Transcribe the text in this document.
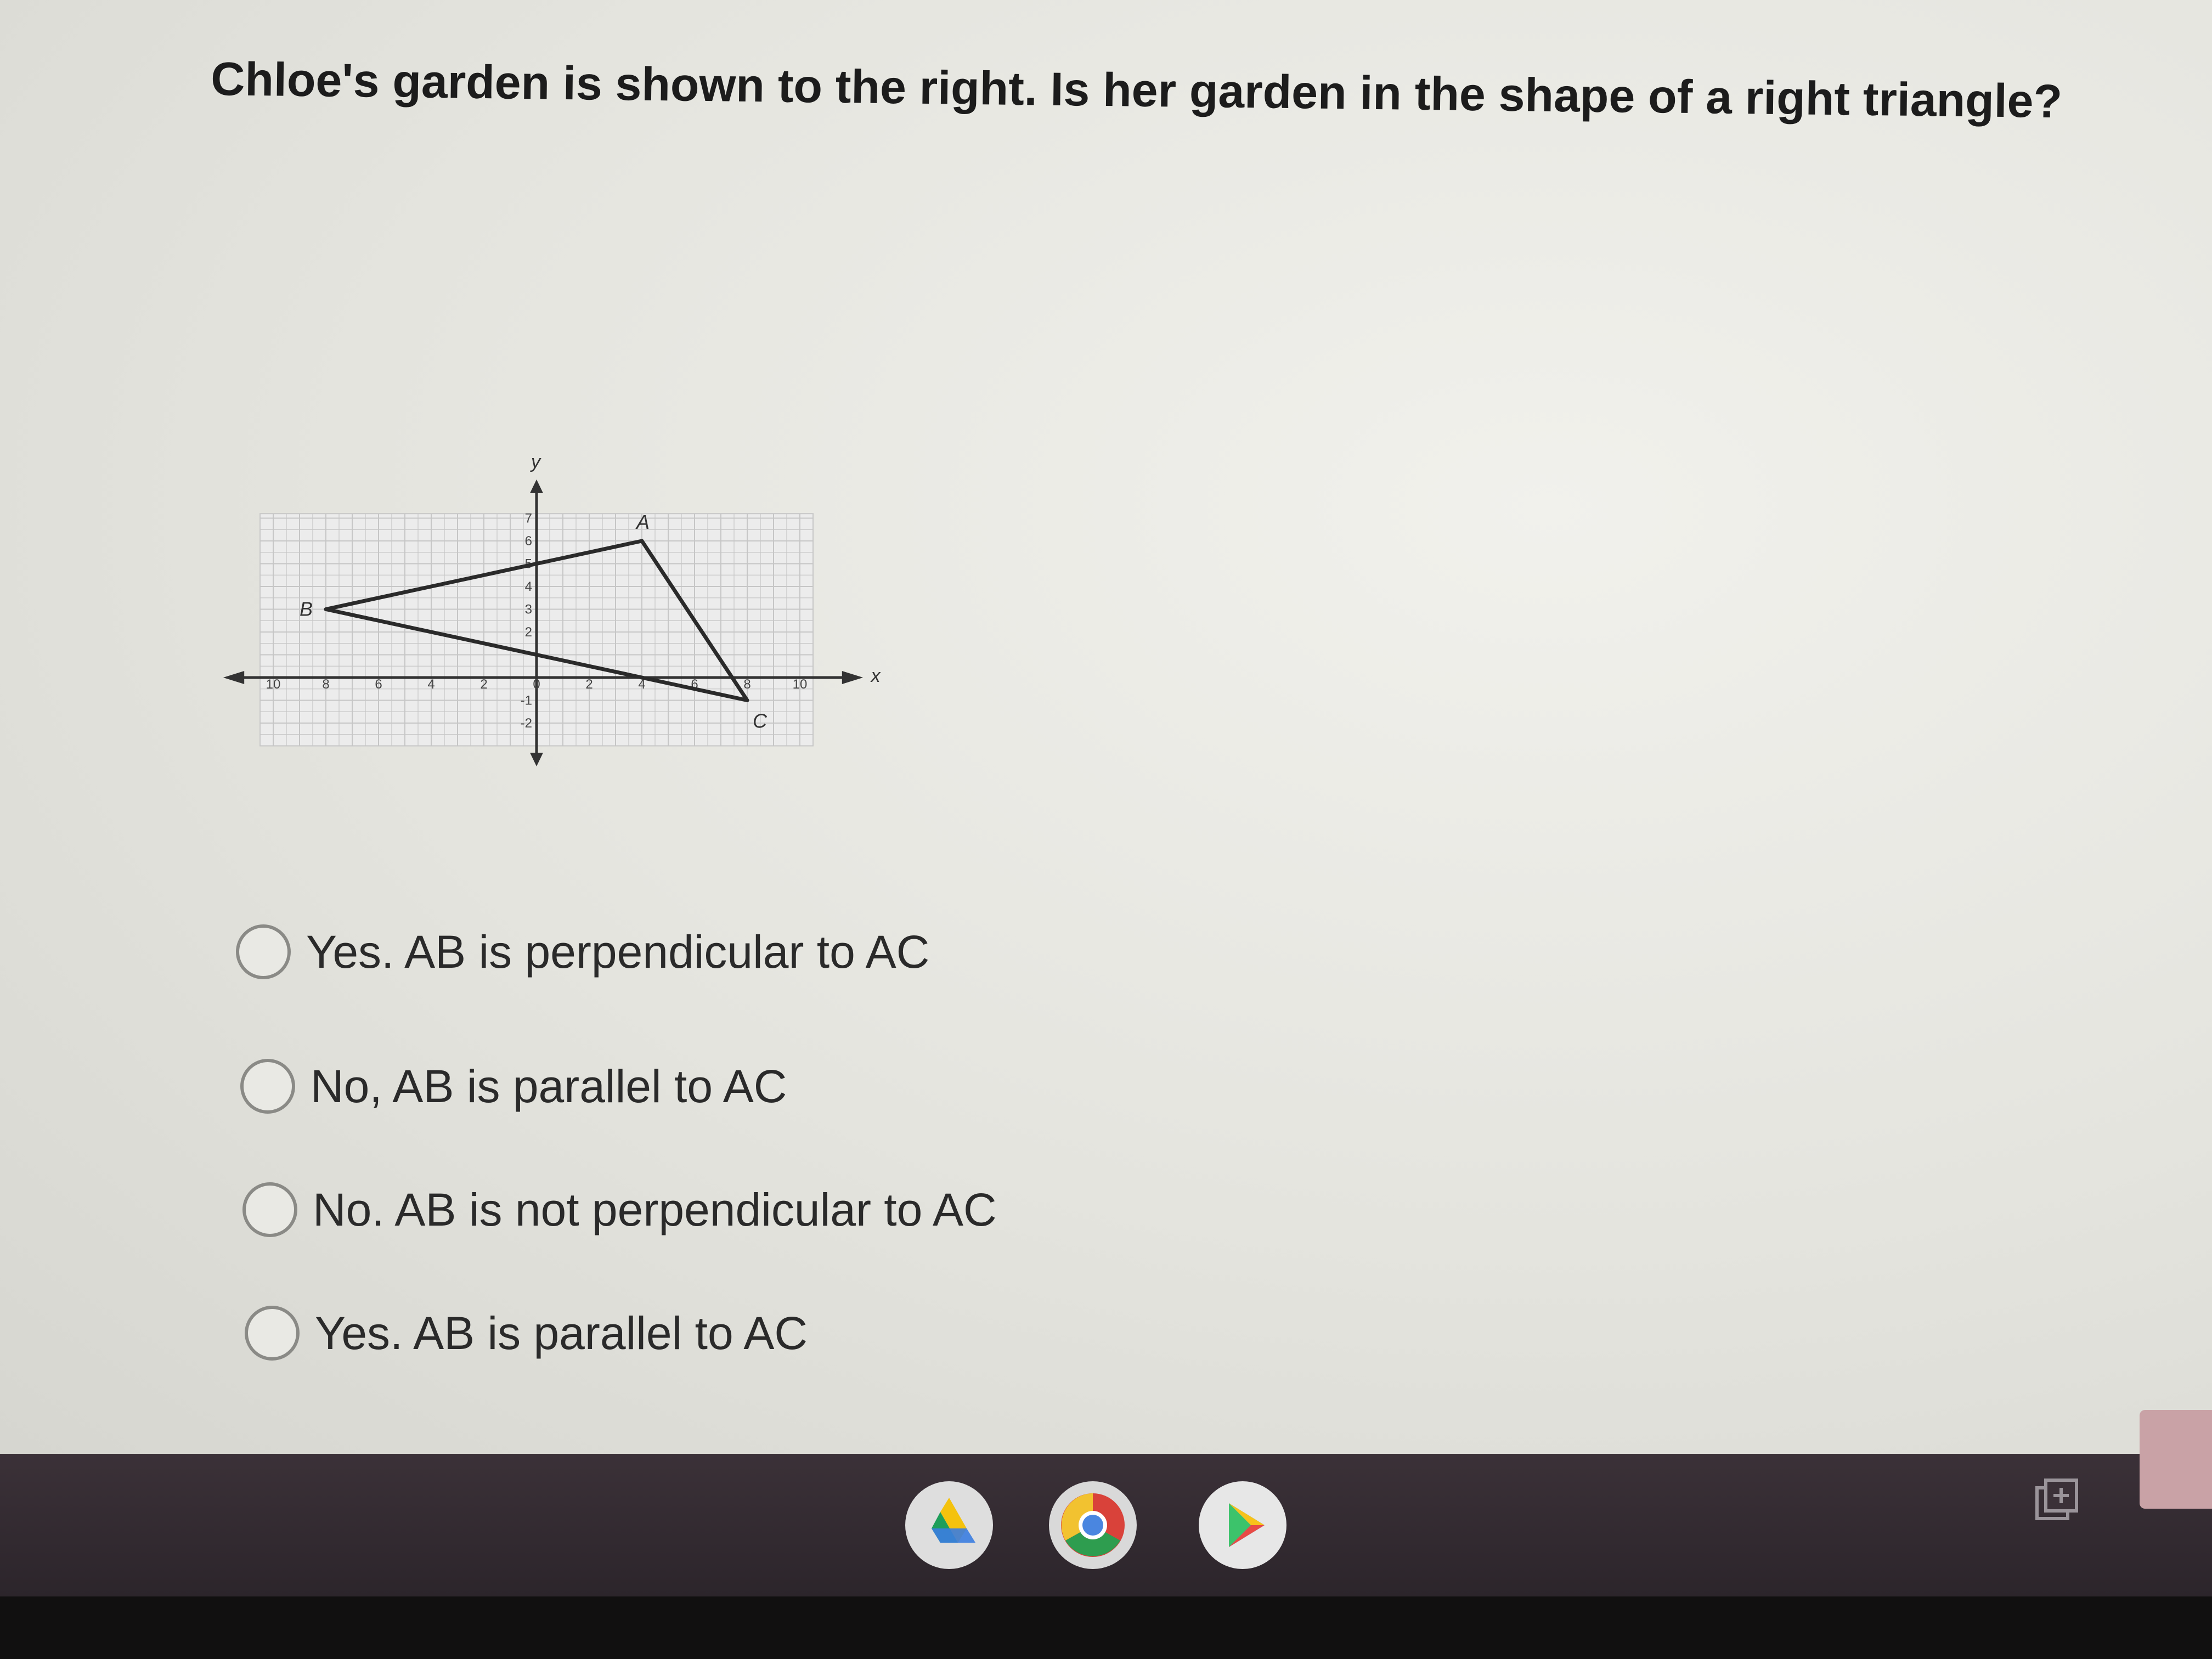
Chloe's garden is shown to the right. Is her garden in the shape of a right triangle?
x
y
10	8	6	4	2	0	2	4	6	8	10
7
6
5
4
3
2
-1
-2
A
B
C
Yes. AB is perpendicular to AC
No, AB is parallel to AC
No. AB is not perpendicular to AC
Yes. AB is parallel to AC
